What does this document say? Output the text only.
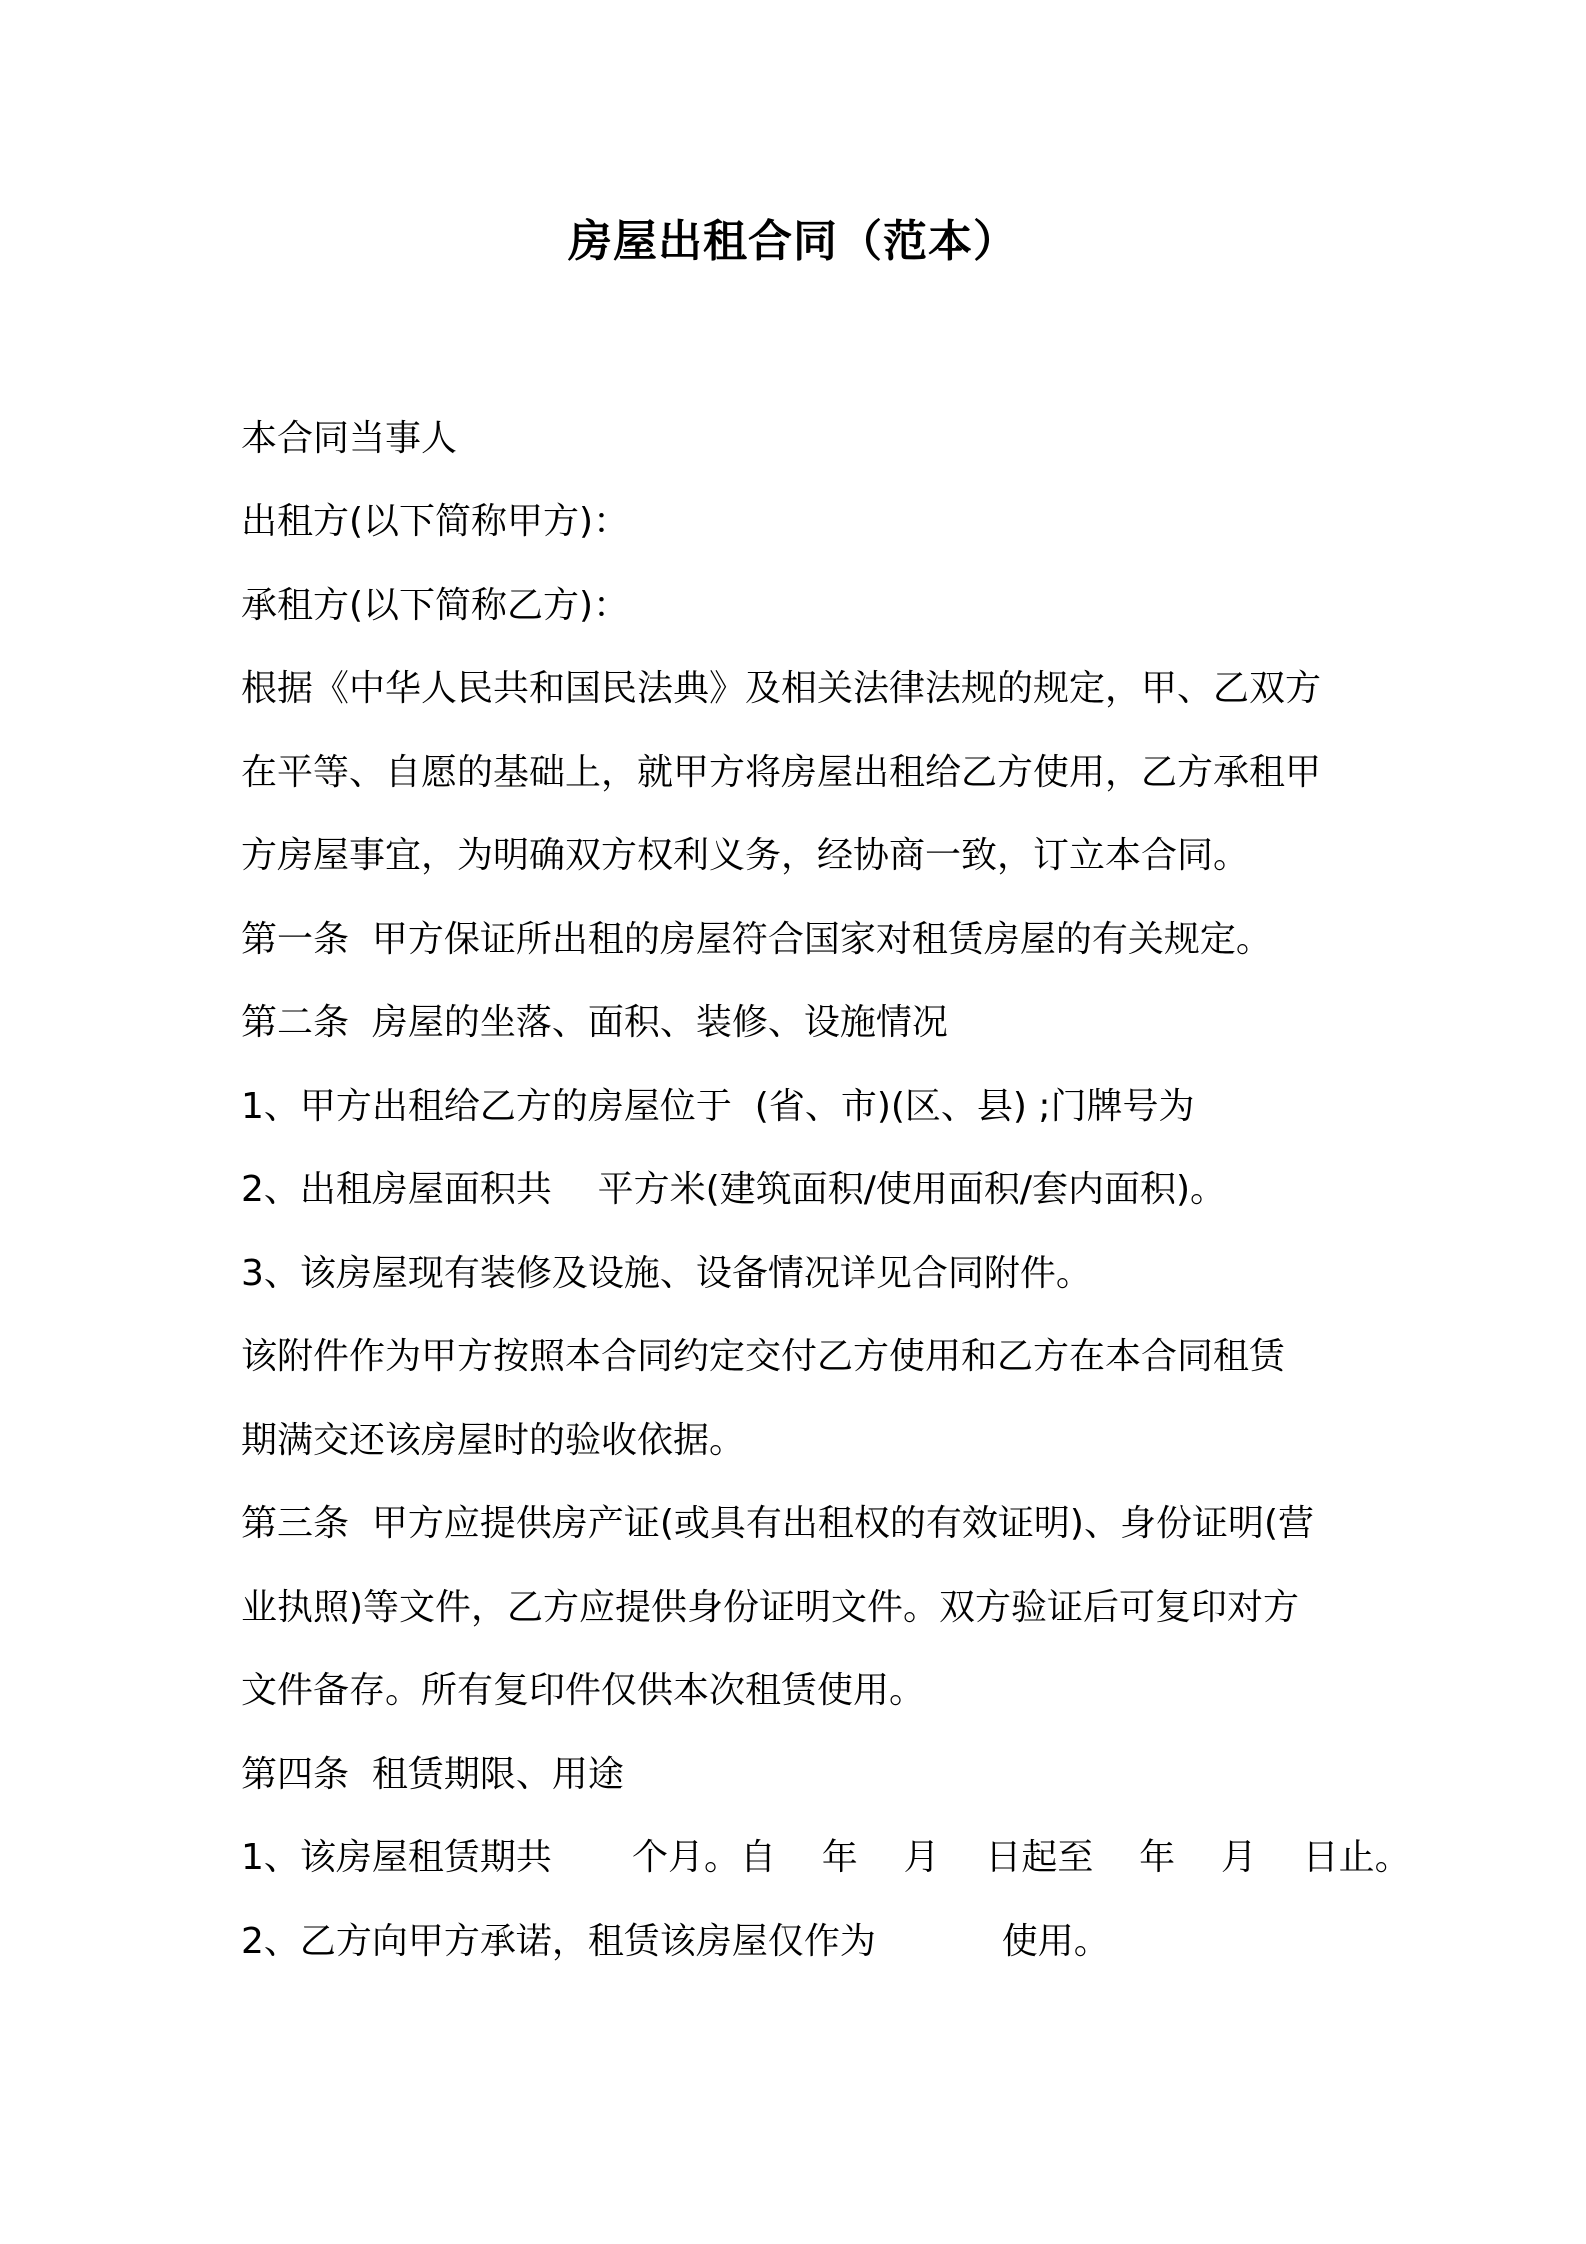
房屋出租合同（范本）
本合同当事人
出租方(以下简称甲方)：
承租方(以下简称乙方)：
根据《中华人民共和国民法典》及相关法律法规的规定，甲、乙双方
在平等、自愿的基础上，就甲方将房屋出租给乙方使用，乙方承租甲
方房屋事宜，为明确双方权利义务，经协商一致，订立本合同。
第一条  甲方保证所出租的房屋符合国家对租赁房屋的有关规定。
第二条  房屋的坐落、面积、装修、设施情况
1、甲方出租给乙方的房屋位于  (省、市)(区、县) ;门牌号为
2、出租房屋面积共    平方米(建筑面积/使用面积/套内面积)。
3、该房屋现有装修及设施、设备情况详见合同附件。
该附件作为甲方按照本合同约定交付乙方使用和乙方在本合同租赁
期满交还该房屋时的验收依据。
第三条  甲方应提供房产证(或具有出租权的有效证明)、身份证明(营
业执照)等文件，乙方应提供身份证明文件。双方验证后可复印对方
文件备存。所有复印件仅供本次租赁使用。
第四条  租赁期限、用途
1、该房屋租赁期共       个月。自    年    月    日起至    年    月    日止。
2、乙方向甲方承诺，租赁该房屋仅作为           使用。
